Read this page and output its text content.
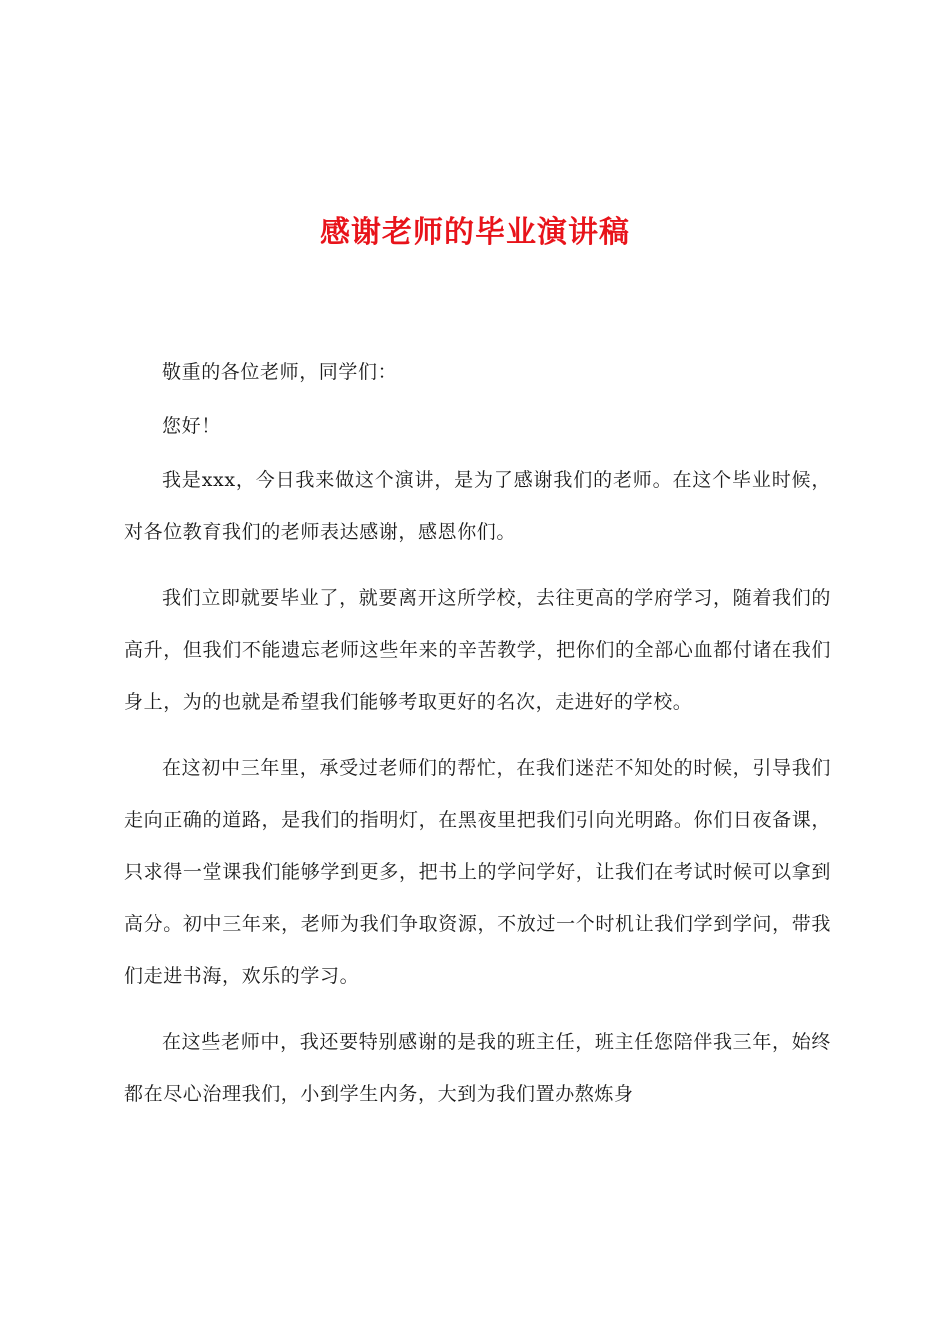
感谢老师的毕业演讲稿

敬重的各位老师，同学们：

您好！

我是xxx，今日我来做这个演讲，是为了感谢我们的老师。在这个毕业时候，对各位教育我们的老师表达感谢，感恩你们。

我们立即就要毕业了，就要离开这所学校，去往更高的学府学习，随着我们的高升，但我们不能遗忘老师这些年来的辛苦教学，把你们的全部心血都付诸在我们身上，为的也就是希望我们能够考取更好的名次，走进好的学校。

在这初中三年里，承受过老师们的帮忙，在我们迷茫不知处的时候，引导我们走向正确的道路，是我们的指明灯，在黑夜里把我们引向光明路。你们日夜备课，只求得一堂课我们能够学到更多，把书上的学问学好，让我们在考试时候可以拿到高分。初中三年来，老师为我们争取资源，不放过一个时机让我们学到学问，带我们走进书海，欢乐的学习。

在这些老师中，我还要特别感谢的是我的班主任，班主任您陪伴我三年，始终都在尽心治理我们，小到学生内务，大到为我们置办熬炼身
